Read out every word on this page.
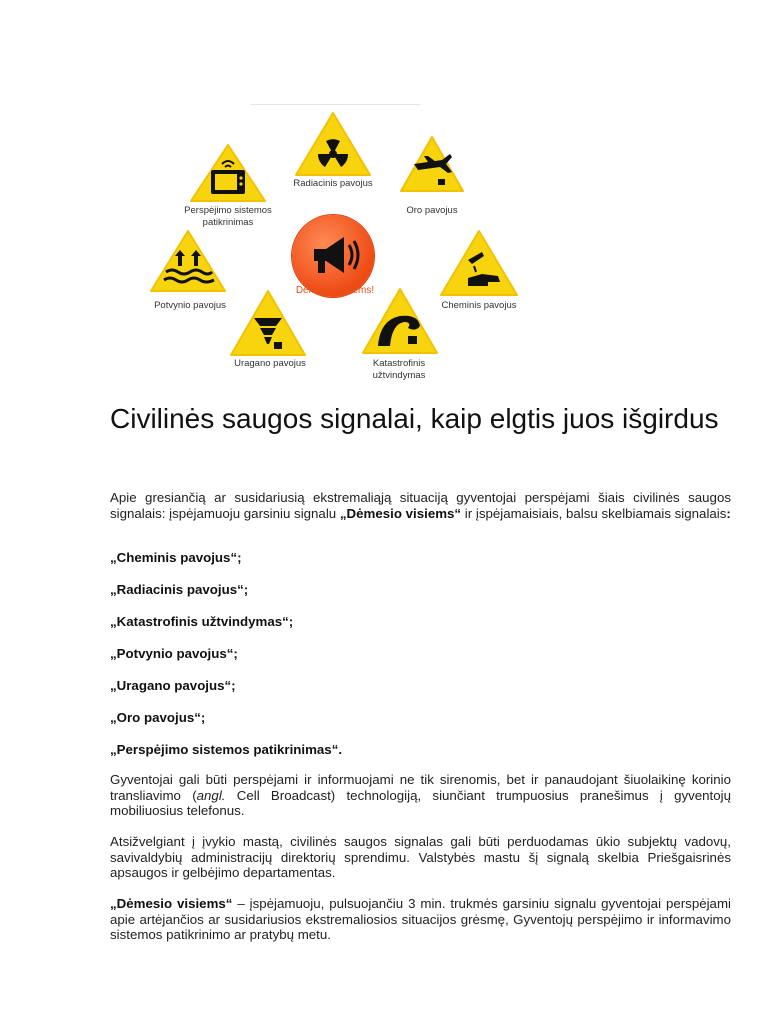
Radiacinis pavojus
Oro pavojus
Perspėjimo sistemos
patikrinimas
Dėmesio visiems!
Cheminis pavojus
Potvynio pavojus
Uragano pavojus	Katastrofinis
užtvindymas
Civilinės saugos signalai, kaip elgtis juos išgirdus

Apie gresiančią ar susidariusią ekstremaliąją situaciją gyventojai perspėjami šiais civilinės saugos signalais: įspėjamuoju garsiniu signalu „Dėmesio visiems“ ir įspėjamaisiais, balsu skelbiamais signalais:

„Cheminis pavojus“;

„Radiacinis pavojus“;

„Katastrofinis užtvindymas“;

„Potvynio pavojus“;

„Uragano pavojus“;

„Oro pavojus“;

„Perspėjimo sistemos patikrinimas“.

Gyventojai gali būti perspėjami ir informuojami ne tik sirenomis, bet ir panaudojant šiuolaikinę korinio transliavimo (angl. Cell Broadcast) technologiją, siunčiant trumpuosius pranešimus į gyventojų mobiliuosius telefonus.

Atsižvelgiant į įvykio mastą, civilinės saugos signalas gali būti perduodamas ūkio subjektų vadovų, savivaldybių administracijų direktorių sprendimu. Valstybės mastu šį signalą skelbia Priešgaisrinės apsaugos ir gelbėjimo departamentas.

„Dėmesio visiems“ – įspėjamuoju, pulsuojančiu 3 min. trukmės garsiniu signalu gyventojai perspėjami apie artėjančios ar susidariusios ekstremaliosios situacijos grėsmę, Gyventojų perspėjimo ir informavimo sistemos patikrinimo ar pratybų metu.
